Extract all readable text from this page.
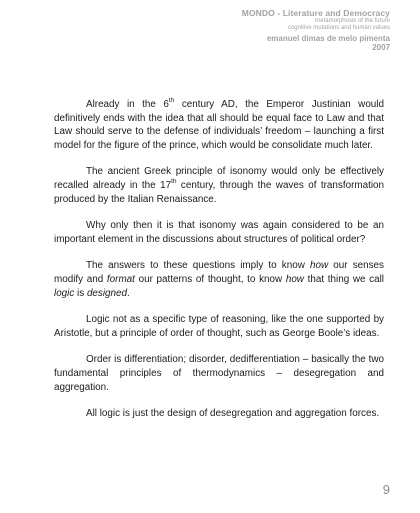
MONDO - Literature and Democracy
metamorphosis of the future
cognitive mutations and human values
emanuel dimas de melo pimenta
2007

Already in the 6th century AD, the Emperor Justinian would definitively ends with the idea that all should be equal face to Law and that Law should serve to the defense of individuals’ freedom – launching a first model for the figure of the prince, which would be consolidate much later.

The ancient Greek principle of isonomy would only be effectively recalled already in the 17th century, through the waves of transformation produced by the Italian Renaissance.

Why only then it is that isonomy was again considered to be an important element in the discussions about structures of political order?

The answers to these questions imply to know how our senses modify and format our patterns of thought, to know how that thing we call logic is designed.

Logic not as a specific type of reasoning, like the one supported by Aristotle, but a principle of order of thought, such as George Boole’s ideas.

Order is differentiation; disorder, dedifferentiation – basically the two fundamental principles of thermodynamics – desegregation and aggregation.

All logic is just the design of desegregation and aggregation forces.

9
